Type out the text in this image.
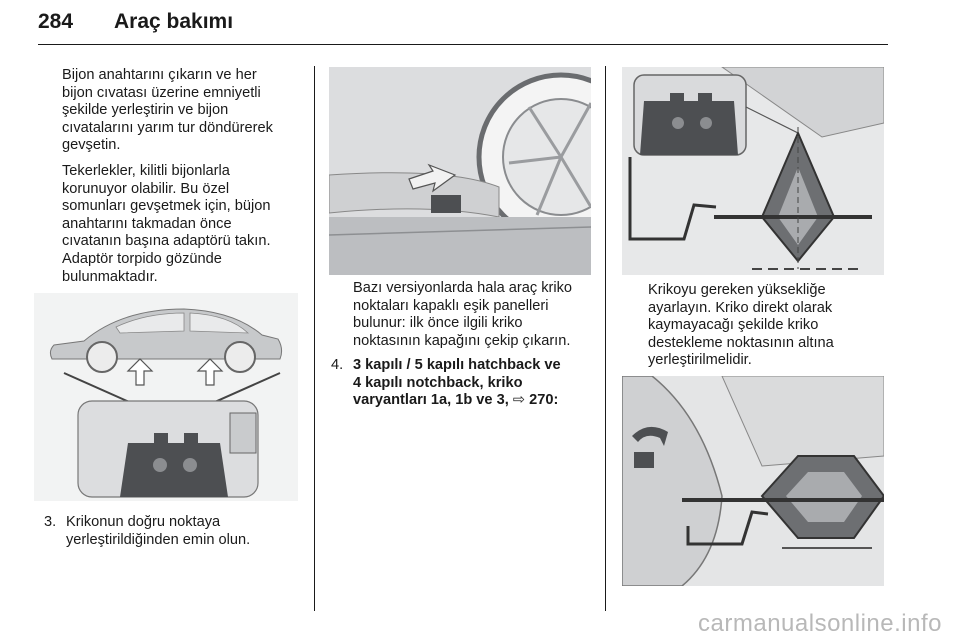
284 Araç bakımı

Bijon anahtarını çıkarın ve her
bijon cıvatası üzerine emniyetli
şekilde yerleştirin ve bijon
cıvatalarını yarım tur döndürerek
gevşetin.

Tekerlekler, kilitli bijonlarla
korunuyor olabilir. Bu özel
somunları gevşetmek için, büjon
anahtarını takmadan önce
cıvatanın başına adaptörü takın.
Adaptör torpido gözünde
bulunmaktadır.

3. Krikonun doğru noktaya
yerleştirildiğinden emin olun.

Bazı versiyonlarda hala araç kriko
noktaları kapaklı eşik panelleri
bulunur: ilk önce ilgili kriko
noktasının kapağını çekip çıkarın.

4. 3 kapılı / 5 kapılı hatchback ve
4 kapılı notchback, kriko
varyantları 1a, 1b ve 3, ⇨ 270:

Krikoyu gereken yüksekliğe
ayarlayın. Kriko direkt olarak
kaymayacağı şekilde kriko
destekleme noktasının altına
yerleştirilmelidir.

carmanualsonline.info
